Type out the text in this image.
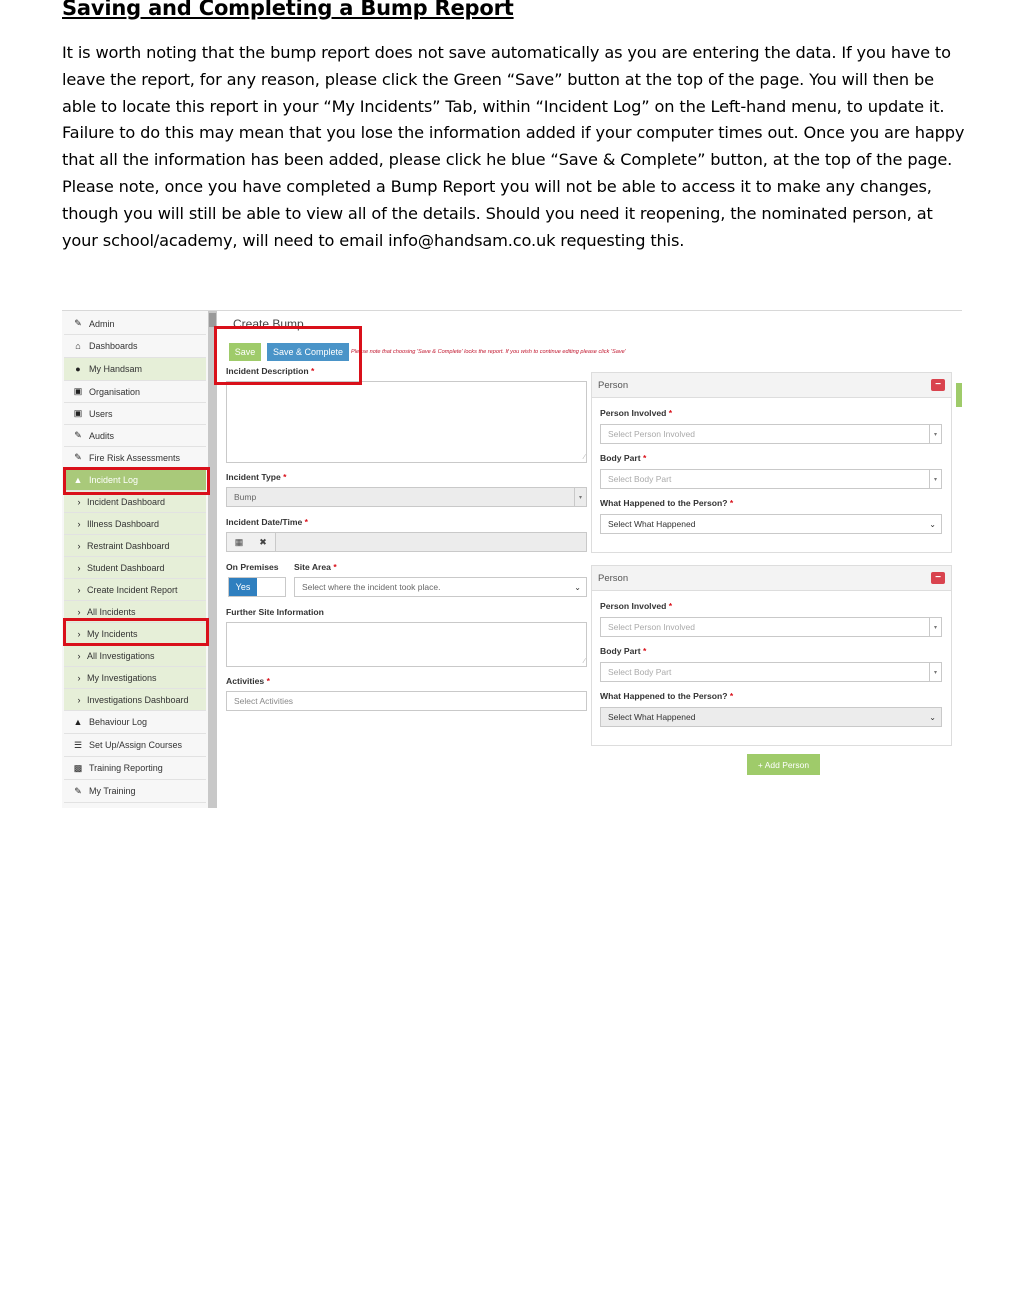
Saving and Completing a Bump Report

It is worth noting that the bump report does not save automatically as you are entering the data. If you have to leave the report, for any reason, please click the Green “Save” button at the top of the page. You will then be able to locate this report in your “My Incidents” Tab, within “Incident Log” on the Left-hand menu, to update it. Failure to do this may mean that you lose the information added if your computer times out. Once you are happy that all the information has been added, please click he blue “Save & Complete” button, at the top of the page. Please note, once you have completed a Bump Report you will not be able to access it to make any changes, though you will still be able to view all of the details. Should you need it reopening, the nominated person, at your school/academy, will need to email info@handsam.co.uk requesting this.

✎ Admin
⌂ Dashboards
● My Handsam
▣ Organisation
▣ Users
✎ Audits
✎ Fire Risk Assessments
▲ Incident Log
› Incident Dashboard
› Illness Dashboard
› Restraint Dashboard
› Student Dashboard
› Create Incident Report
› All Incidents
› My Incidents
› All Investigations
› My Investigations
› Investigations Dashboard
▲ Behaviour Log
☰ Set Up/Assign Courses
▩ Training Reporting
✎ My Training
Create Bump
Save	Save & Complete	Please note that choosing 'Save & Complete' locks the report. If you wish to continue editing please click 'Save'
Incident Description *
∕
Incident Type *
Bump	▾
Incident Date/Time *
▦	✖
On Premises
Yes
Site Area *
Select where the incident took place.	⌄
Further Site Information
∕
Activities *
Select Activities
Person	−
Person Involved *
Select Person Involved	▾
Body Part *
Select Body Part	▾
What Happened to the Person? *
Select What Happened	⌄
Person	−
Person Involved *
Select Person Involved	▾
Body Part *
Select Body Part	▾
What Happened to the Person? *
Select What Happened	⌄
+ Add Person
